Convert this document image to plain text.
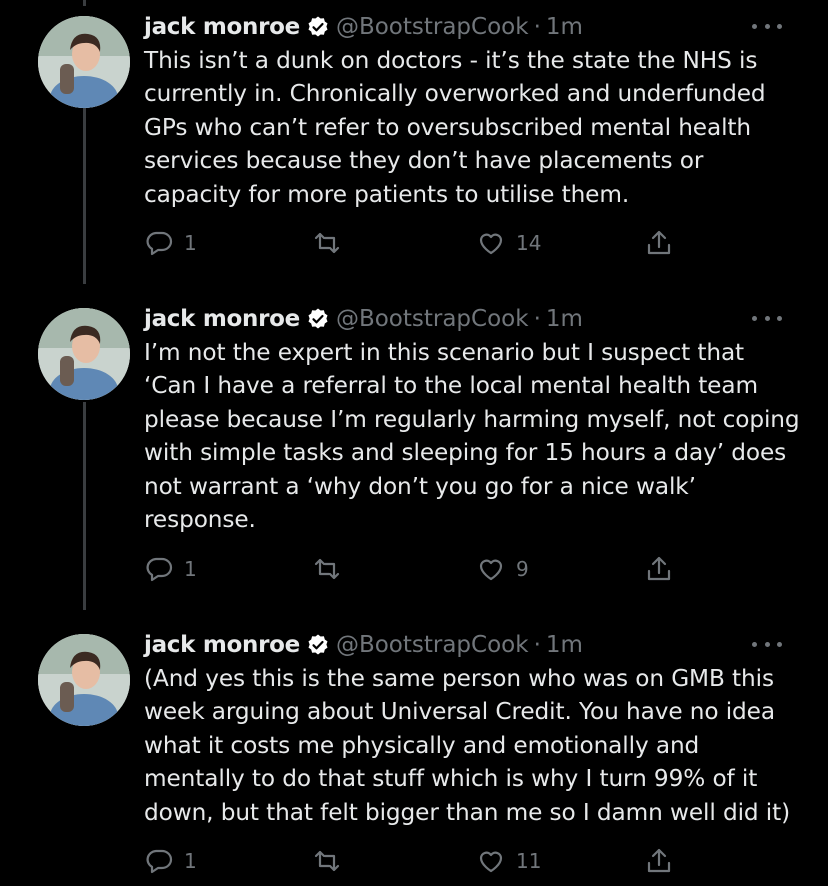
jack monroe @BootstrapCook · 1m
This isn’t a dunk on doctors - it’s the state the NHS is
currently in. Chronically overworked and underfunded
GPs who can’t refer to oversubscribed mental health
services because they don’t have placements or
capacity for more patients to utilise them.
1	14
jack monroe @BootstrapCook · 1m
I’m not the expert in this scenario but I suspect that
‘Can I have a referral to the local mental health team
please because I’m regularly harming myself, not coping
with simple tasks and sleeping for 15 hours a day’ does
not warrant a ‘why don’t you go for a nice walk’
response.
1	9
jack monroe @BootstrapCook · 1m
(And yes this is the same person who was on GMB this
week arguing about Universal Credit. You have no idea
what it costs me physically and emotionally and
mentally to do that stuff which is why I turn 99% of it
down, but that felt bigger than me so I damn well did it)
1	11
